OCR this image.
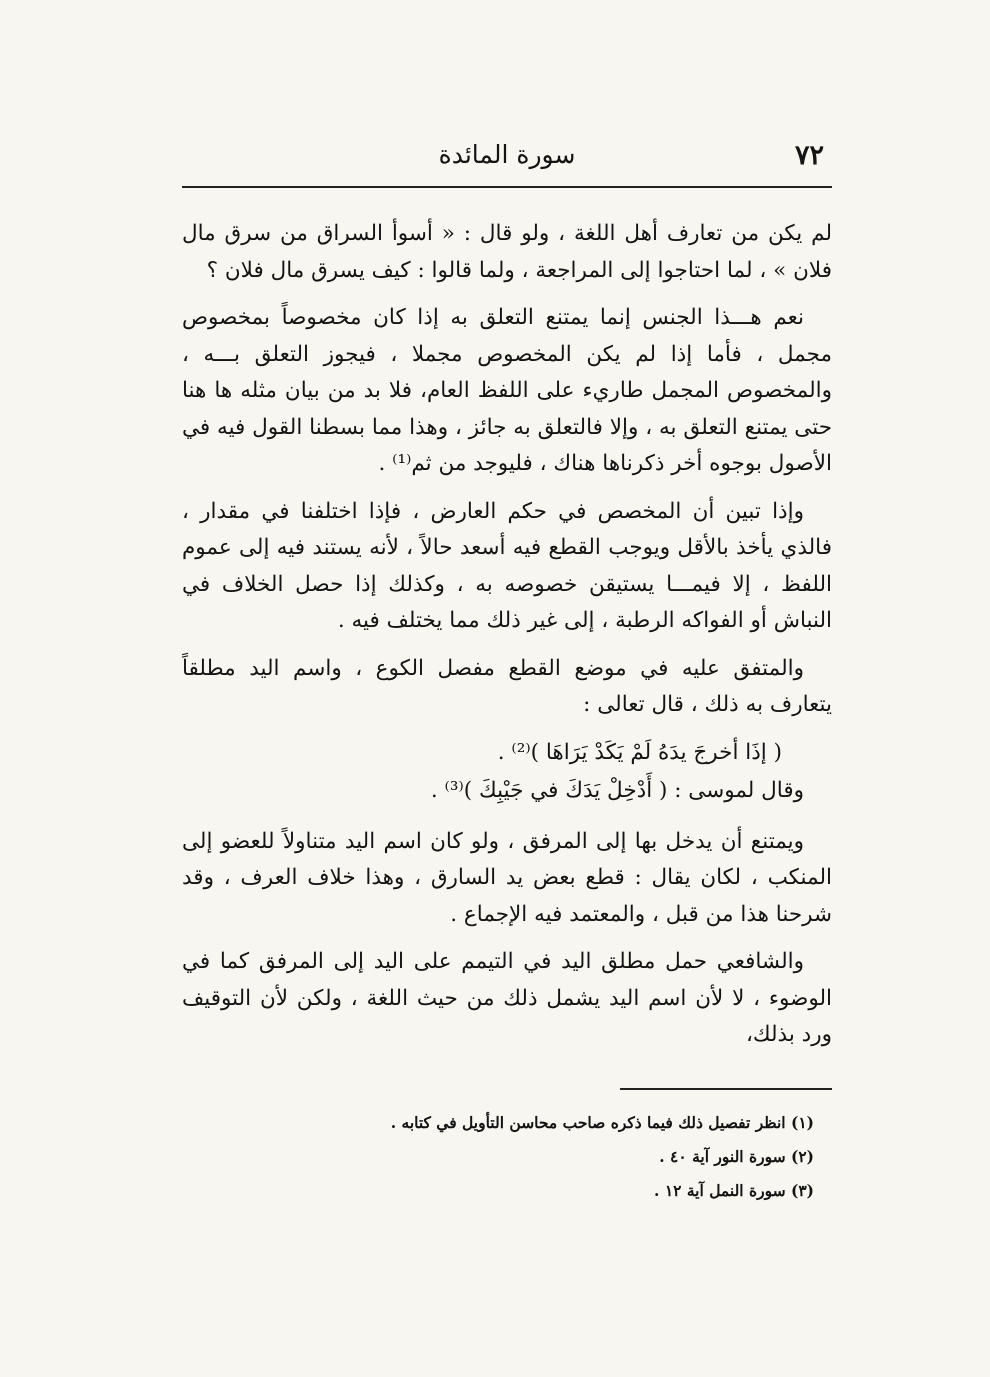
٧٢
سورة المائدة

لم يكن من تعارف أهل اللغة ، ولو قال : « أسوأ السراق من سرق مال فلان » ، لما احتاجوا إلى المراجعة ، ولما قالوا : كيف يسرق مال فلان ؟

نعم هـــذا الجنس إنما يمتنع التعلق به إذا كان مخصوصاً بمخصوص مجمل ، فأما إذا لم يكن المخصوص مجملا ، فيجوز التعلق بـــه ، والمخصوص المجمل طاريء على اللفظ العام، فلا بد من بيان مثله ها هنا حتى يمتنع التعلق به ، وإلا فالتعلق به جائز ، وهذا مما بسطنا القول فيه في الأصول بوجوه أخر ذكرناها هناك ، فليوجد من ثم⁽¹⁾ .

وإذا تبين أن المخصص في حكم العارض ، فإذا اختلفنا في مقدار ، فالذي يأخذ بالأقل ويوجب القطع فيه أسعد حالاً ، لأنه يستند فيه إلى عموم اللفظ ، إلا فيمـــا يستيقن خصوصه به ، وكذلك إذا حصل الخلاف في النباش أو الفواكه الرطبة ، إلى غير ذلك مما يختلف فيه .

والمتفق عليه في موضع القطع مفصل الكوع ، واسم اليد مطلقاً يتعارف به ذلك ، قال تعالى :

( إذَا أخرجَ يدَهُ لَمْ يَكَدْ يَرَاهَا )⁽²⁾ .

وقال لموسى : ( أَدْخِلْ يَدَكَ في جَيْبِكَ )⁽³⁾ .

ويمتنع أن يدخل بها إلى المرفق ، ولو كان اسم اليد متناولاً للعضو إلى المنكب ، لكان يقال : قطع بعض يد السارق ، وهذا خلاف العرف ، وقد شرحنا هذا من قبل ، والمعتمد فيه الإجماع .

والشافعي حمل مطلق اليد في التيمم على اليد إلى المرفق كما في الوضوء ، لا لأن اسم اليد يشمل ذلك من حيث اللغة ، ولكن لأن التوقيف ورد بذلك،

(١) انظر تفصيل ذلك فيما ذكره صاحب محاسن التأويل في كتابه .
(٢) سورة النور آية ٤٠ .
(٣) سورة النمل آية ١٢ .
